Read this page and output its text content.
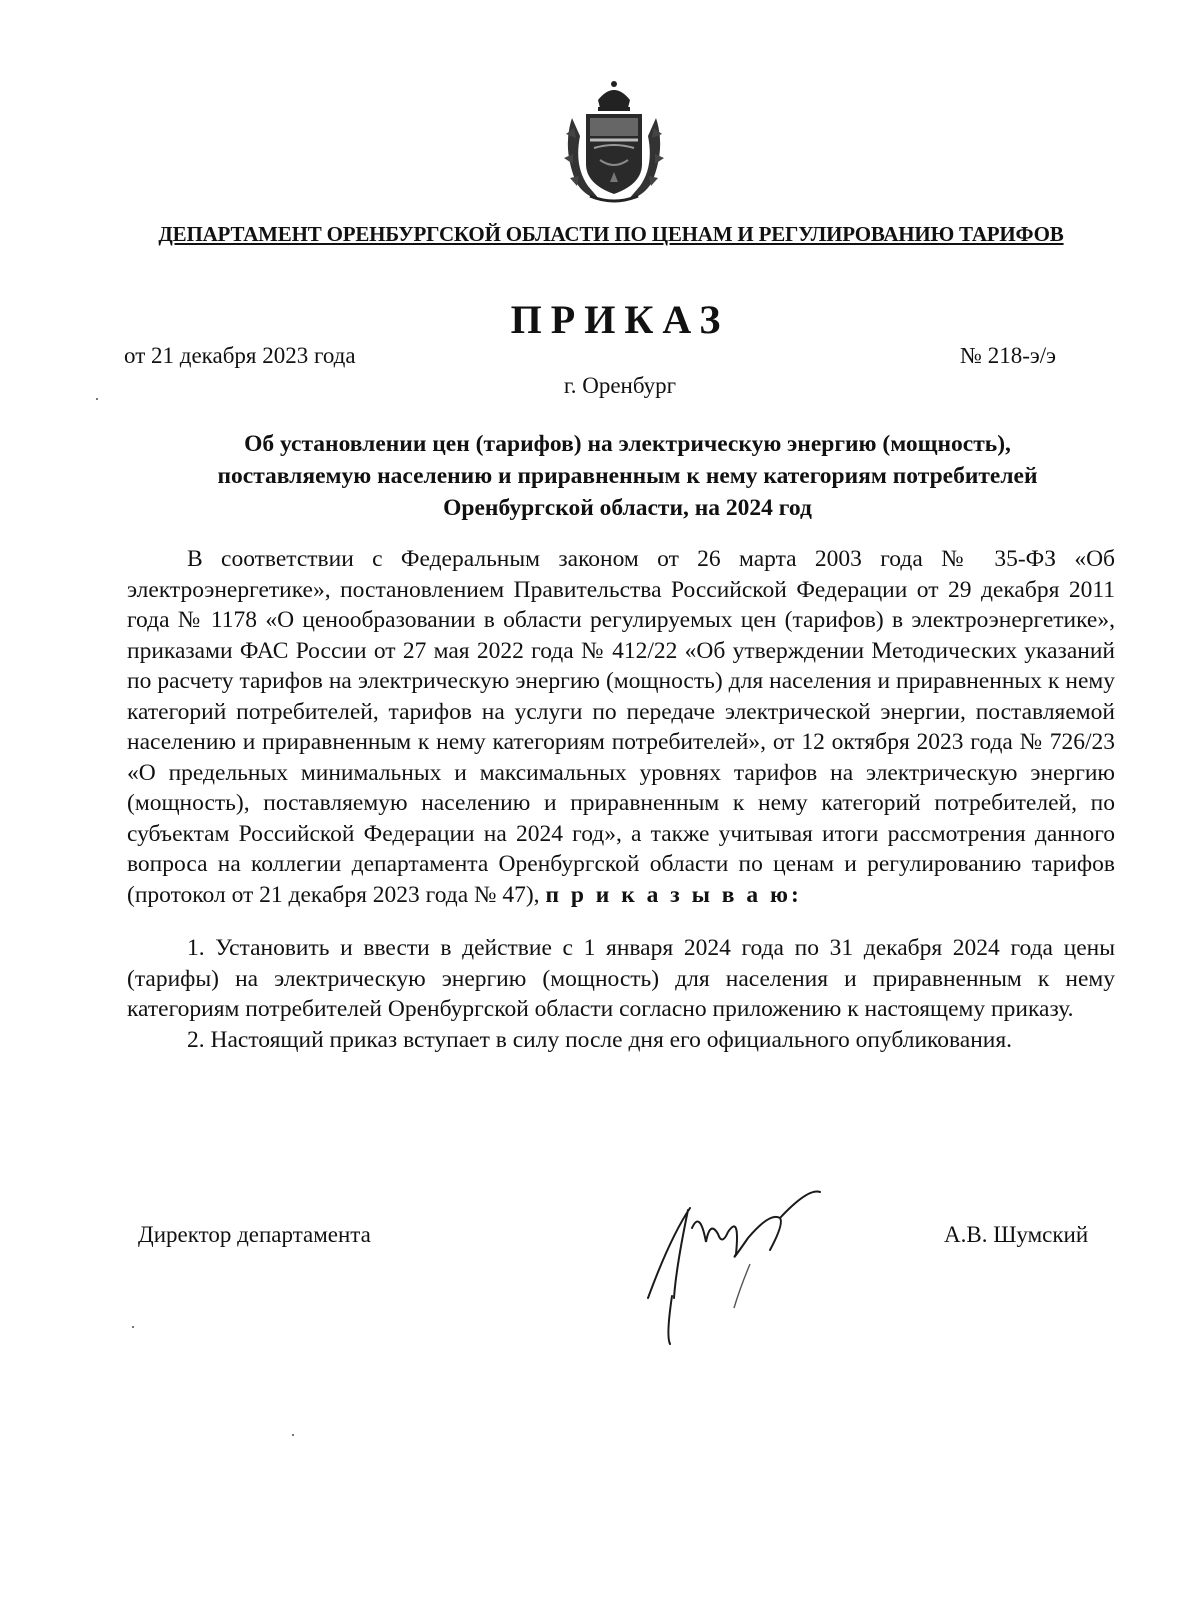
ДЕПАРТАМЕНТ ОРЕНБУРГСКОЙ ОБЛАСТИ ПО ЦЕНАМ И РЕГУЛИРОВАНИЮ ТАРИФОВ
ПРИКАЗ
от 21 декабря 2023 года	№ 218-э/э
г. Оренбург
Об установлении цен (тарифов) на электрическую энергию (мощность),
поставляемую населению и приравненным к нему категориям потребителей
Оренбургской области, на 2024 год

В соответствии с Федеральным законом от 26 марта 2003 года № 35-ФЗ «Об электроэнергетике», постановлением Правительства Российской Федерации от 29 декабря 2011 года № 1178 «О ценообразовании в области регулируемых цен (тарифов) в электроэнергетике», приказами ФАС России от 27 мая 2022 года № 412/22 «Об утверждении Методических указаний по расчету тарифов на электрическую энергию (мощность) для населения и приравненных к нему категорий потребителей, тарифов на услуги по передаче электрической энергии, поставляемой населению и приравненным к нему категориям потребителей», от 12 октября 2023 года № 726/23 «О предельных минимальных и максимальных уровнях тарифов на электрическую энергию (мощность), поставляемую населению и приравненным к нему категорий потребителей, по субъектам Российской Федерации на 2024 год», а также учитывая итоги рассмотрения данного вопроса на коллегии департамента Оренбургской области по ценам и регулированию тарифов (протокол от 21 декабря 2023 года № 47), п р и к а з ы в а ю:

1. Установить и ввести в действие с 1 января 2024 года по 31 декабря 2024 года цены (тарифы) на электрическую энергию (мощность) для населения и приравненным к нему категориям потребителей Оренбургской области согласно приложению к настоящему приказу.

2. Настоящий приказ вступает в силу после дня его официального опубликования.

Директор департамента	А.В. Шумский
